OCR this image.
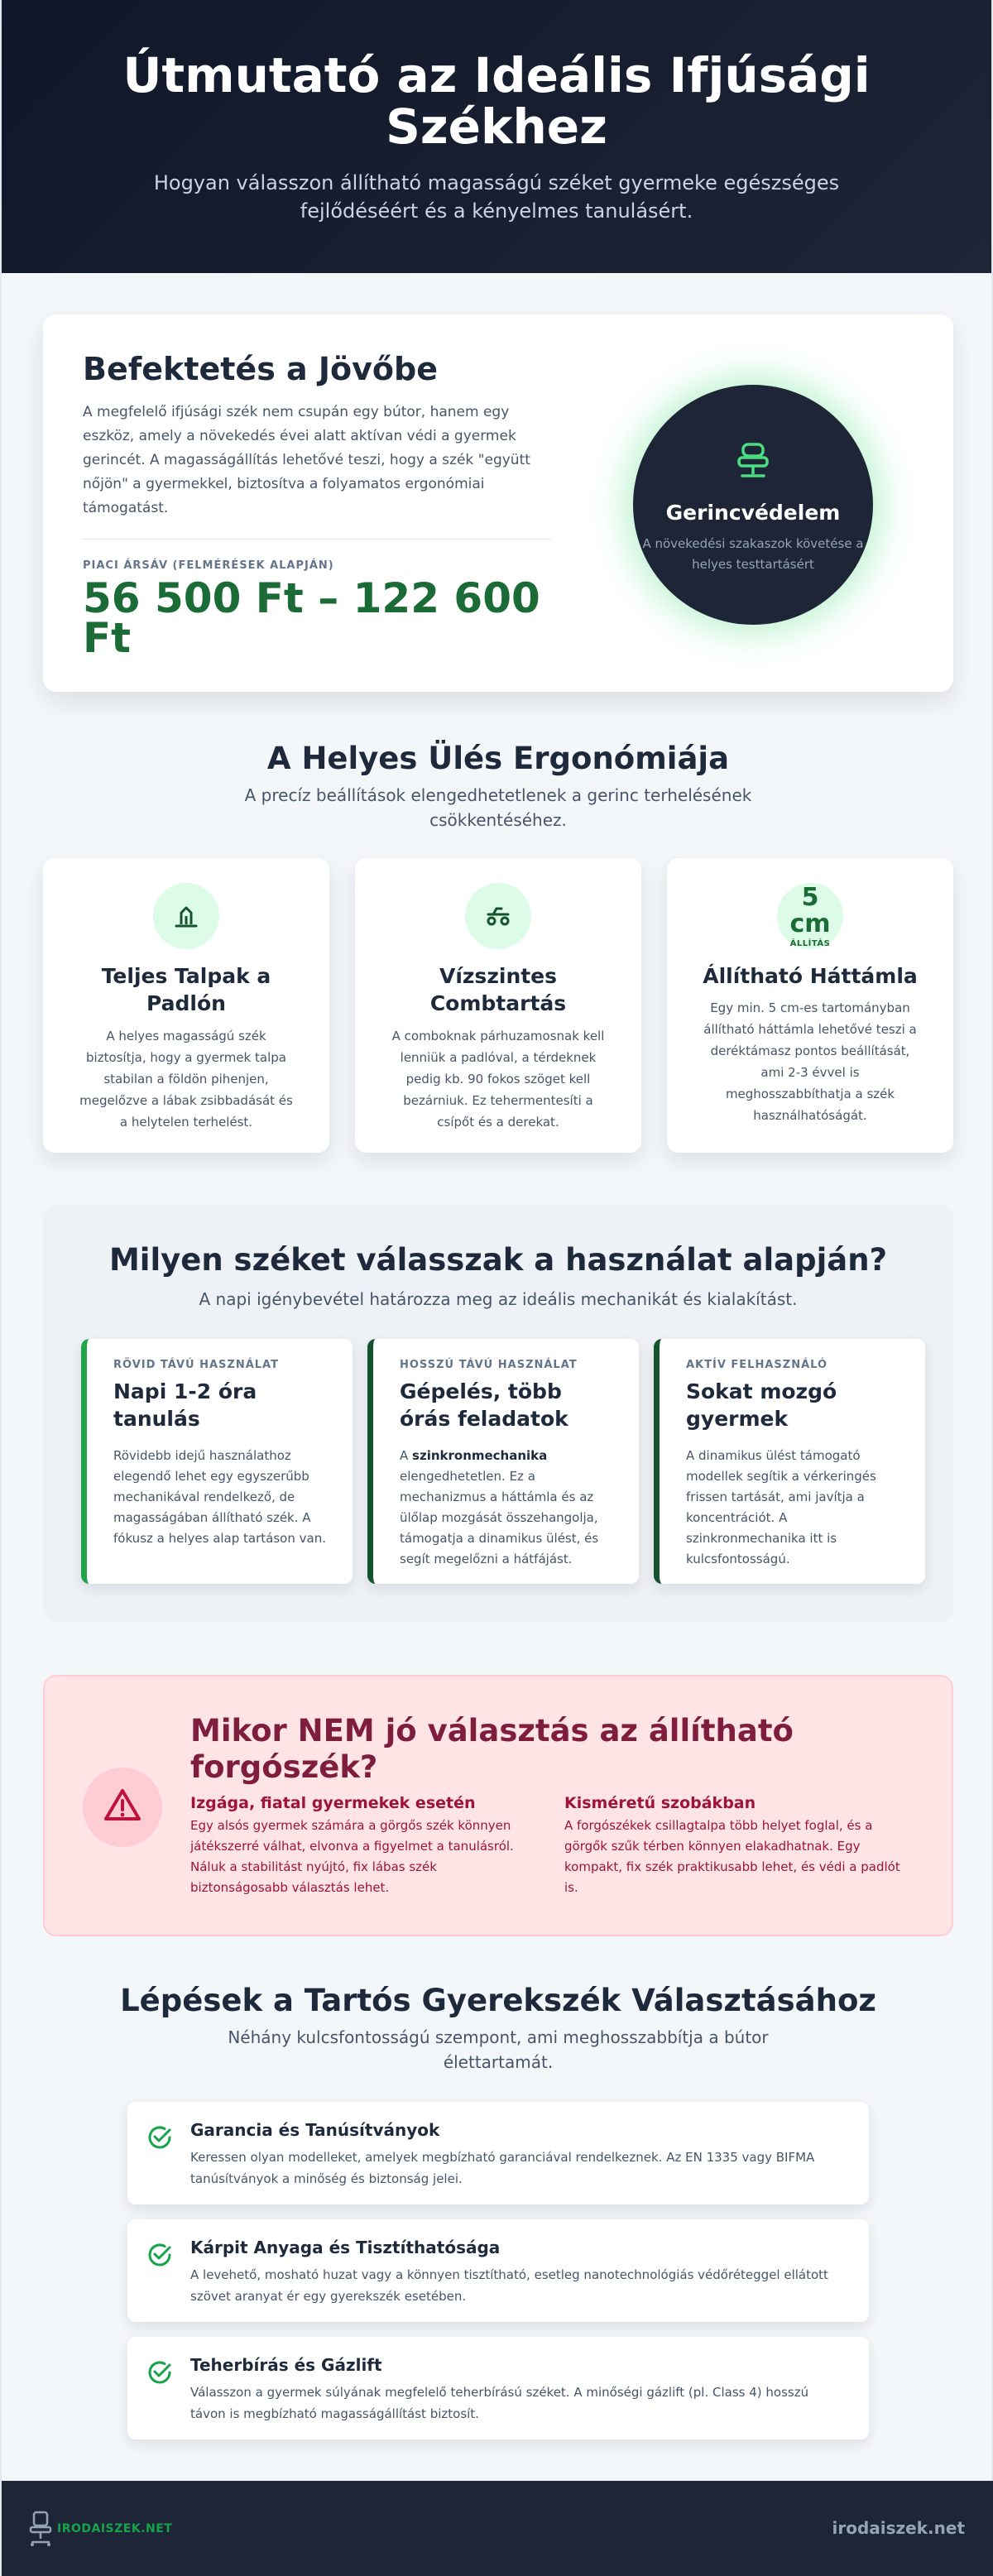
Útmutató az Ideális Ifjúsági Székhez

Hogyan válasszon állítható magasságú széket gyermeke egészséges fejlődéséért és a kényelmes tanulásért.

Befektetés a Jövőbe

A megfelelő ifjúsági szék nem csupán egy bútor, hanem egy eszköz, amely a növekedés évei alatt aktívan védi a gyermek gerincét. A magasságállítás lehetővé teszi, hogy a szék "együtt nőjön" a gyermekkel, biztosítva a folyamatos ergonómiai támogatást.

PIACI ÁRSÁV (FELMÉRÉSEK ALAPJÁN)
56 500 Ft – 122 600 Ft
Gerincvédelem
A növekedési szakaszok követése a helyes testtartásért
A Helyes Ülés Ergonómiája

A precíz beállítások elengedhetetlenek a gerinc terhelésének csökkentéséhez.

Teljes Talpak a Padlón

A helyes magasságú szék biztosítja, hogy a gyermek talpa stabilan a földön pihenjen, megelőzve a lábak zsibbadását és a helytelen terhelést.

Vízszintes Combtartás

A comboknak párhuzamosnak kell lenniük a padlóval, a térdeknek pedig kb. 90 fokos szöget kell bezárniuk. Ez tehermentesíti a csípőt és a derekat.

5
cm
ÁLLÍTÁS
Állítható Háttámla

Egy min. 5 cm-es tartományban állítható háttámla lehetővé teszi a deréktámasz pontos beállítását, ami 2-3 évvel is meghosszabbíthatja a szék használhatóságát.

Milyen széket válasszak a használat alapján?

A napi igénybevétel határozza meg az ideális mechanikát és kialakítást.

RÖVID TÁVÚ HASZNÁLAT
Napi 1-2 óra tanulás

Rövidebb idejű használathoz elegendő lehet egy egyszerűbb mechanikával rendelkező, de magasságában állítható szék. A fókusz a helyes alap tartáson van.

HOSSZÚ TÁVÚ HASZNÁLAT
Gépelés, több órás feladatok

A szinkronmechanika elengedhetetlen. Ez a mechanizmus a háttámla és az ülőlap mozgását összehangolja, támogatja a dinamikus ülést, és segít megelőzni a hátfájást.

AKTÍV FELHASZNÁLÓ
Sokat mozgó gyermek

A dinamikus ülést támogató modellek segítik a vérkeringés frissen tartását, ami javítja a koncentrációt. A szinkronmechanika itt is kulcsfontosságú.

Mikor NEM jó választás az állítható forgószék?
Izgága, fiatal gyermekek esetén

Egy alsós gyermek számára a görgős szék könnyen játékszerré válhat, elvonva a figyelmet a tanulásról. Náluk a stabilitást nyújtó, fix lábas szék biztonságosabb választás lehet.

Kisméretű szobákban

A forgószékek csillagtalpa több helyet foglal, és a görgők szűk térben könnyen elakadhatnak. Egy kompakt, fix szék praktikusabb lehet, és védi a padlót is.

Lépések a Tartós Gyerekszék Választásához

Néhány kulcsfontosságú szempont, ami meghosszabbítja a bútor élettartamát.

Garancia és Tanúsítványok

Keressen olyan modelleket, amelyek megbízható garanciával rendelkeznek. Az EN 1335 vagy BIFMA tanúsítványok a minőség és biztonság jelei.

Kárpit Anyaga és Tisztíthatósága

A levehető, mosható huzat vagy a könnyen tisztítható, esetleg nanotechnológiás védőréteggel ellátott szövet aranyat ér egy gyerekszék esetében.

Teherbírás és Gázlift

Válasszon a gyermek súlyának megfelelő teherbírású széket. A minőségi gázlift (pl. Class 4) hosszú távon is megbízható magasságállítást biztosít.

IRODAISZEK.NET	irodaiszek.net
